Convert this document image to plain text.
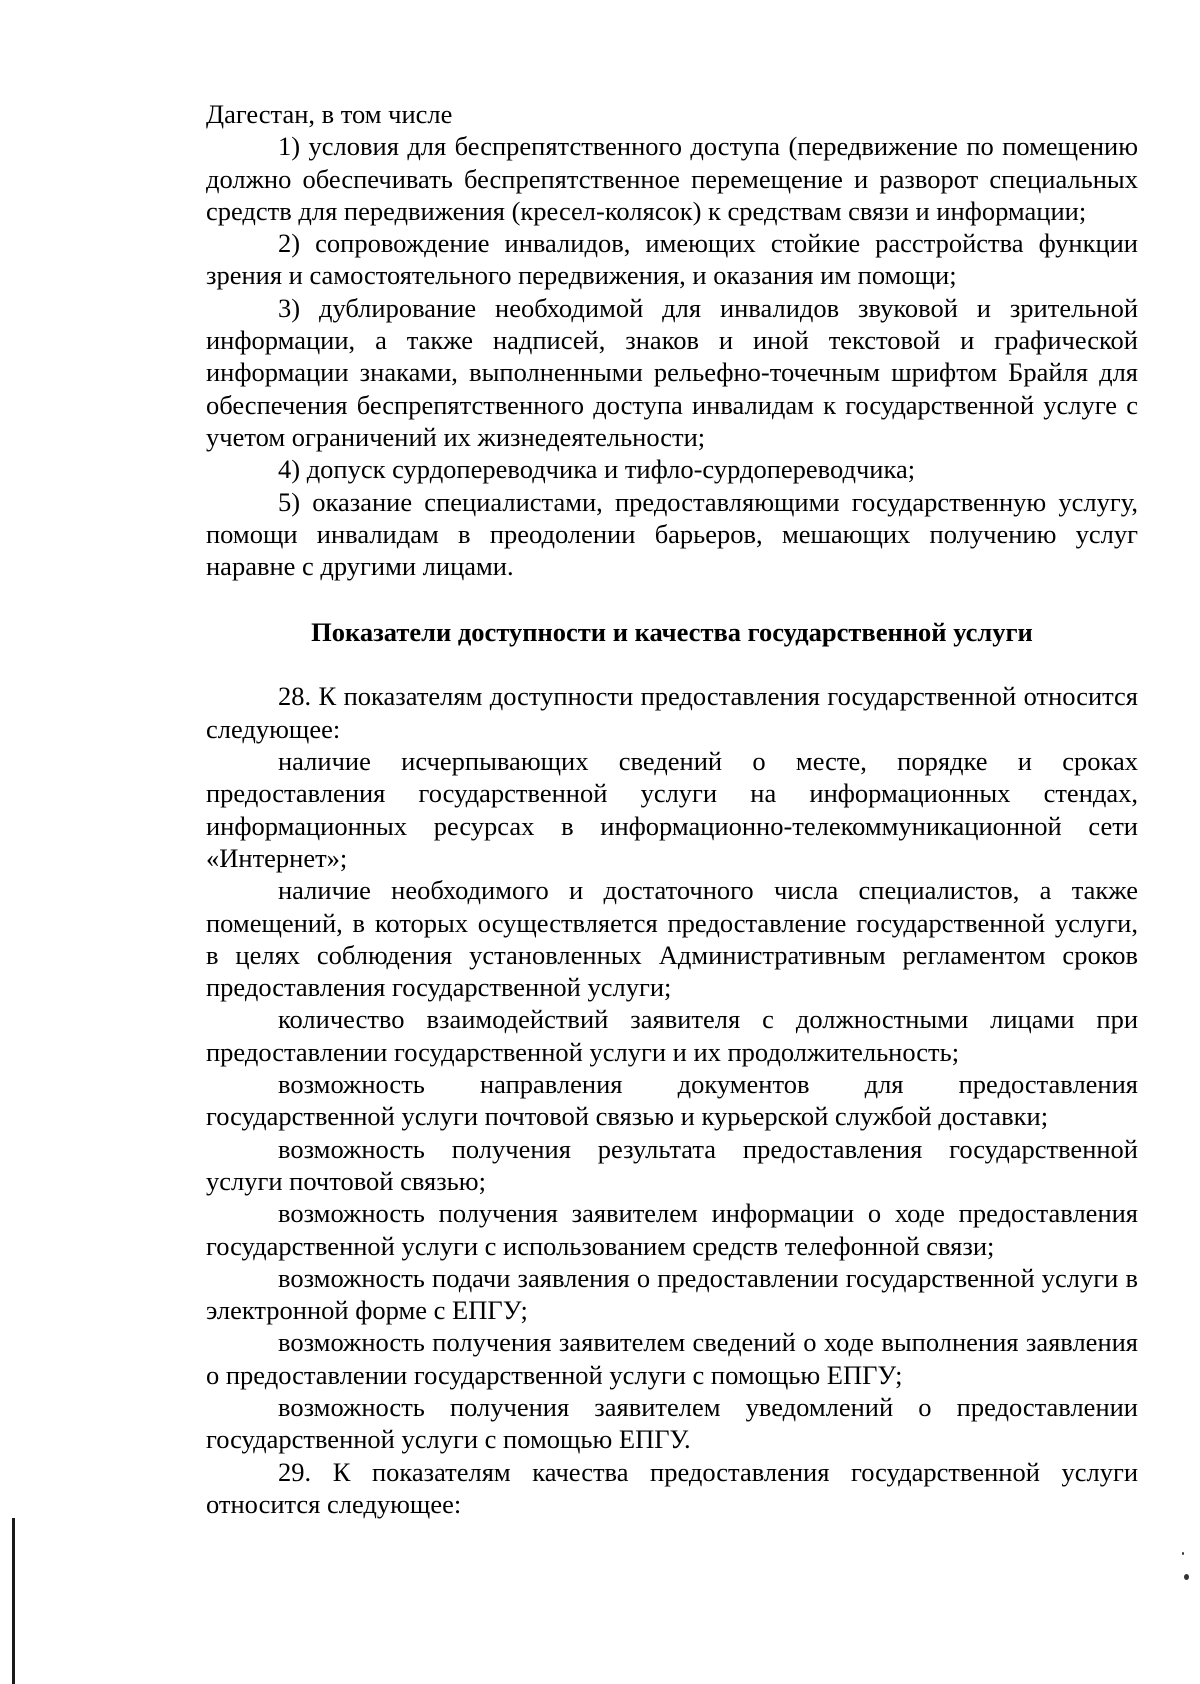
Дагестан, в том числе

1) условия для беспрепятственного доступа (передвижение по помещению должно обеспечивать беспрепятственное перемещение и разворот специальных средств для передвижения (кресел-колясок) к средствам связи и информации;

2) сопровождение инвалидов, имеющих стойкие расстройства функции зрения и самостоятельного передвижения, и оказания им помощи;

3) дублирование необходимой для инвалидов звуковой и зрительной информации, а также надписей, знаков и иной текстовой и графической информации знаками, выполненными рельефно-точечным шрифтом Брайля для обеспечения беспрепятственного доступа инвалидам к государственной услуге с учетом ограничений их жизнедеятельности;

4) допуск сурдопереводчика и тифло-сурдопереводчика;

5) оказание специалистами, предоставляющими государственную услугу, помощи инвалидам в преодолении барьеров, мешающих получению услуг наравне с другими лицами.

Показатели доступности и качества государственной услуги

28. К показателям доступности предоставления государственной относится следующее:

наличие исчерпывающих сведений о месте, порядке и сроках предоставления государственной услуги на информационных стендах, информационных ресурсах в информационно-телекоммуникационной сети «Интернет»;

наличие необходимого и достаточного числа специалистов, а также помещений, в которых осуществляется предоставление государственной услуги, в целях соблюдения установленных Административным регламентом сроков предоставления государственной услуги;

количество взаимодействий заявителя с должностными лицами при предоставлении государственной услуги и их продолжительность;

возможность направления документов для предоставления государственной услуги почтовой связью и курьерской службой доставки;

возможность получения результата предоставления государственной услуги почтовой связью;

возможность получения заявителем информации о ходе предоставления государственной услуги с использованием средств телефонной связи;

возможность подачи заявления о предоставлении государственной услуги в электронной форме с ЕПГУ;

возможность получения заявителем сведений о ходе выполнения заявления о предоставлении государственной услуги с помощью ЕПГУ;

возможность получения заявителем уведомлений о предоставлении государственной услуги с помощью ЕПГУ.

29. К показателям качества предоставления государственной услуги относится следующее:
